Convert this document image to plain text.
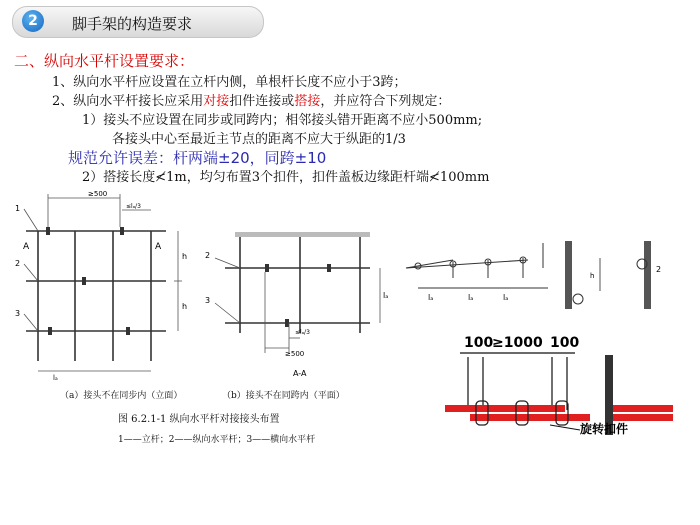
2	脚手架的构造要求
二、纵向水平杆设置要求：
1、纵向水平杆应设置在立杆内侧，单根杆长度不应小于3跨；
2、纵向水平杆接长应采用对接扣件连接或搭接，并应符合下列规定：
1）接头不应设置在同步或同跨内；相邻接头错开距离不应小500mm;
各接头中心至最近主节点的距离不应大于纵距的1/3
规范允许误差：杆两端±20，同跨±10
2）搭接长度≮1m，均匀布置3个扣件，扣件盖板边缘距杆端≮100mm
≥500
≤lₐ/3
1
2
3
A	A
h
h
lₐ
≤lₐ/3
≥500
2
3
lₐ
A-A
（a）接头不在同步内（立面）	（b）接头不在同跨内（平面）
图 6.2.1-1 纵向水平杆对接接头布置
1——立杆；2——纵向水平杆；3——横向水平杆
lₐ	lₐ	lₐ
h
2
100
≥1000 100
旋转扣件
